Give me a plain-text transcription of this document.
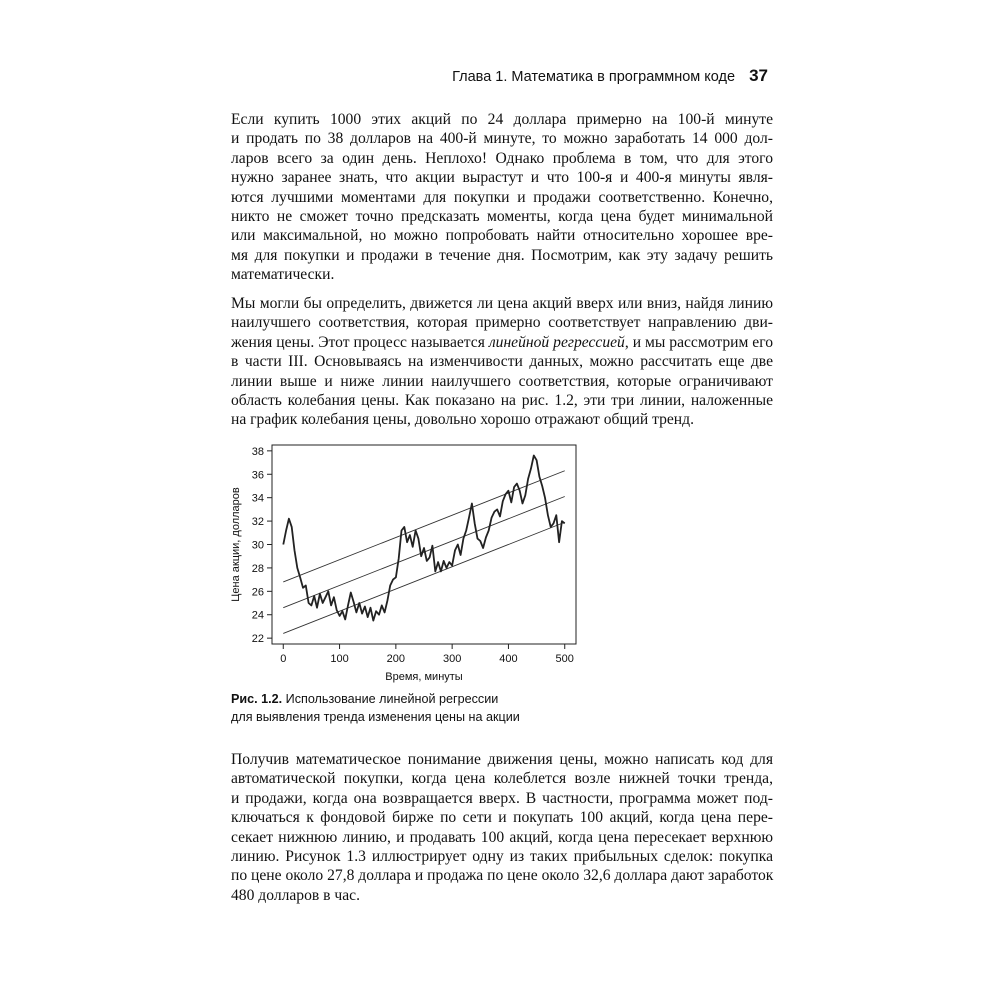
Глава 1. Математика в программном коде 37

Если купить 1000 этих акций по 24 доллара примерно на 100-й минуте
и продать по 38 долларов на 400-й минуте, то можно заработать 14 000 дол-
ларов всего за один день. Неплохо! Однако проблема в том, что для этого
нужно заранее знать, что акции вырастут и что 100-я и 400-я минуты явля-
ются лучшими моментами для покупки и продажи соответственно. Конечно,
никто не сможет точно предсказать моменты, когда цена будет минимальной
или максимальной, но можно попробовать найти относительно хорошее вре-
мя для покупки и продажи в течение дня. Посмотрим, как эту задачу решить
математически.

Мы могли бы определить, движется ли цена акций вверх или вниз, найдя линию
наилучшего соответствия, которая примерно соответствует направлению дви-
жения цены. Этот процесс называется линейной регрессией, и мы рассмотрим его
в части III. Основываясь на изменчивости данных, можно рассчитать еще две
линии выше и ниже линии наилучшего соответствия, которые ограничивают
область колебания цены. Как показано на рис. 1.2, эти три линии, наложенные
на график колебания цены, довольно хорошо отражают общий тренд.

22
24
26
28
30
32
34
36
38
0	100	200	300	400	500
Время, минуты
Цена акции, долларов
Рис. 1.2. Использование линейной регрессии
для выявления тренда изменения цены на акции

Получив математическое понимание движения цены, можно написать код для
автоматической покупки, когда цена колеблется возле нижней точки тренда,
и продажи, когда она возвращается вверх. В частности, программа может под-
ключаться к фондовой бирже по сети и покупать 100 акций, когда цена пере-
секает нижнюю линию, и продавать 100 акций, когда цена пересекает верхнюю
линию. Рисунок 1.3 иллюстрирует одну из таких прибыльных сделок: покупка
по цене около 27,8 доллара и продажа по цене около 32,6 доллара дают заработок
480 долларов в час.
